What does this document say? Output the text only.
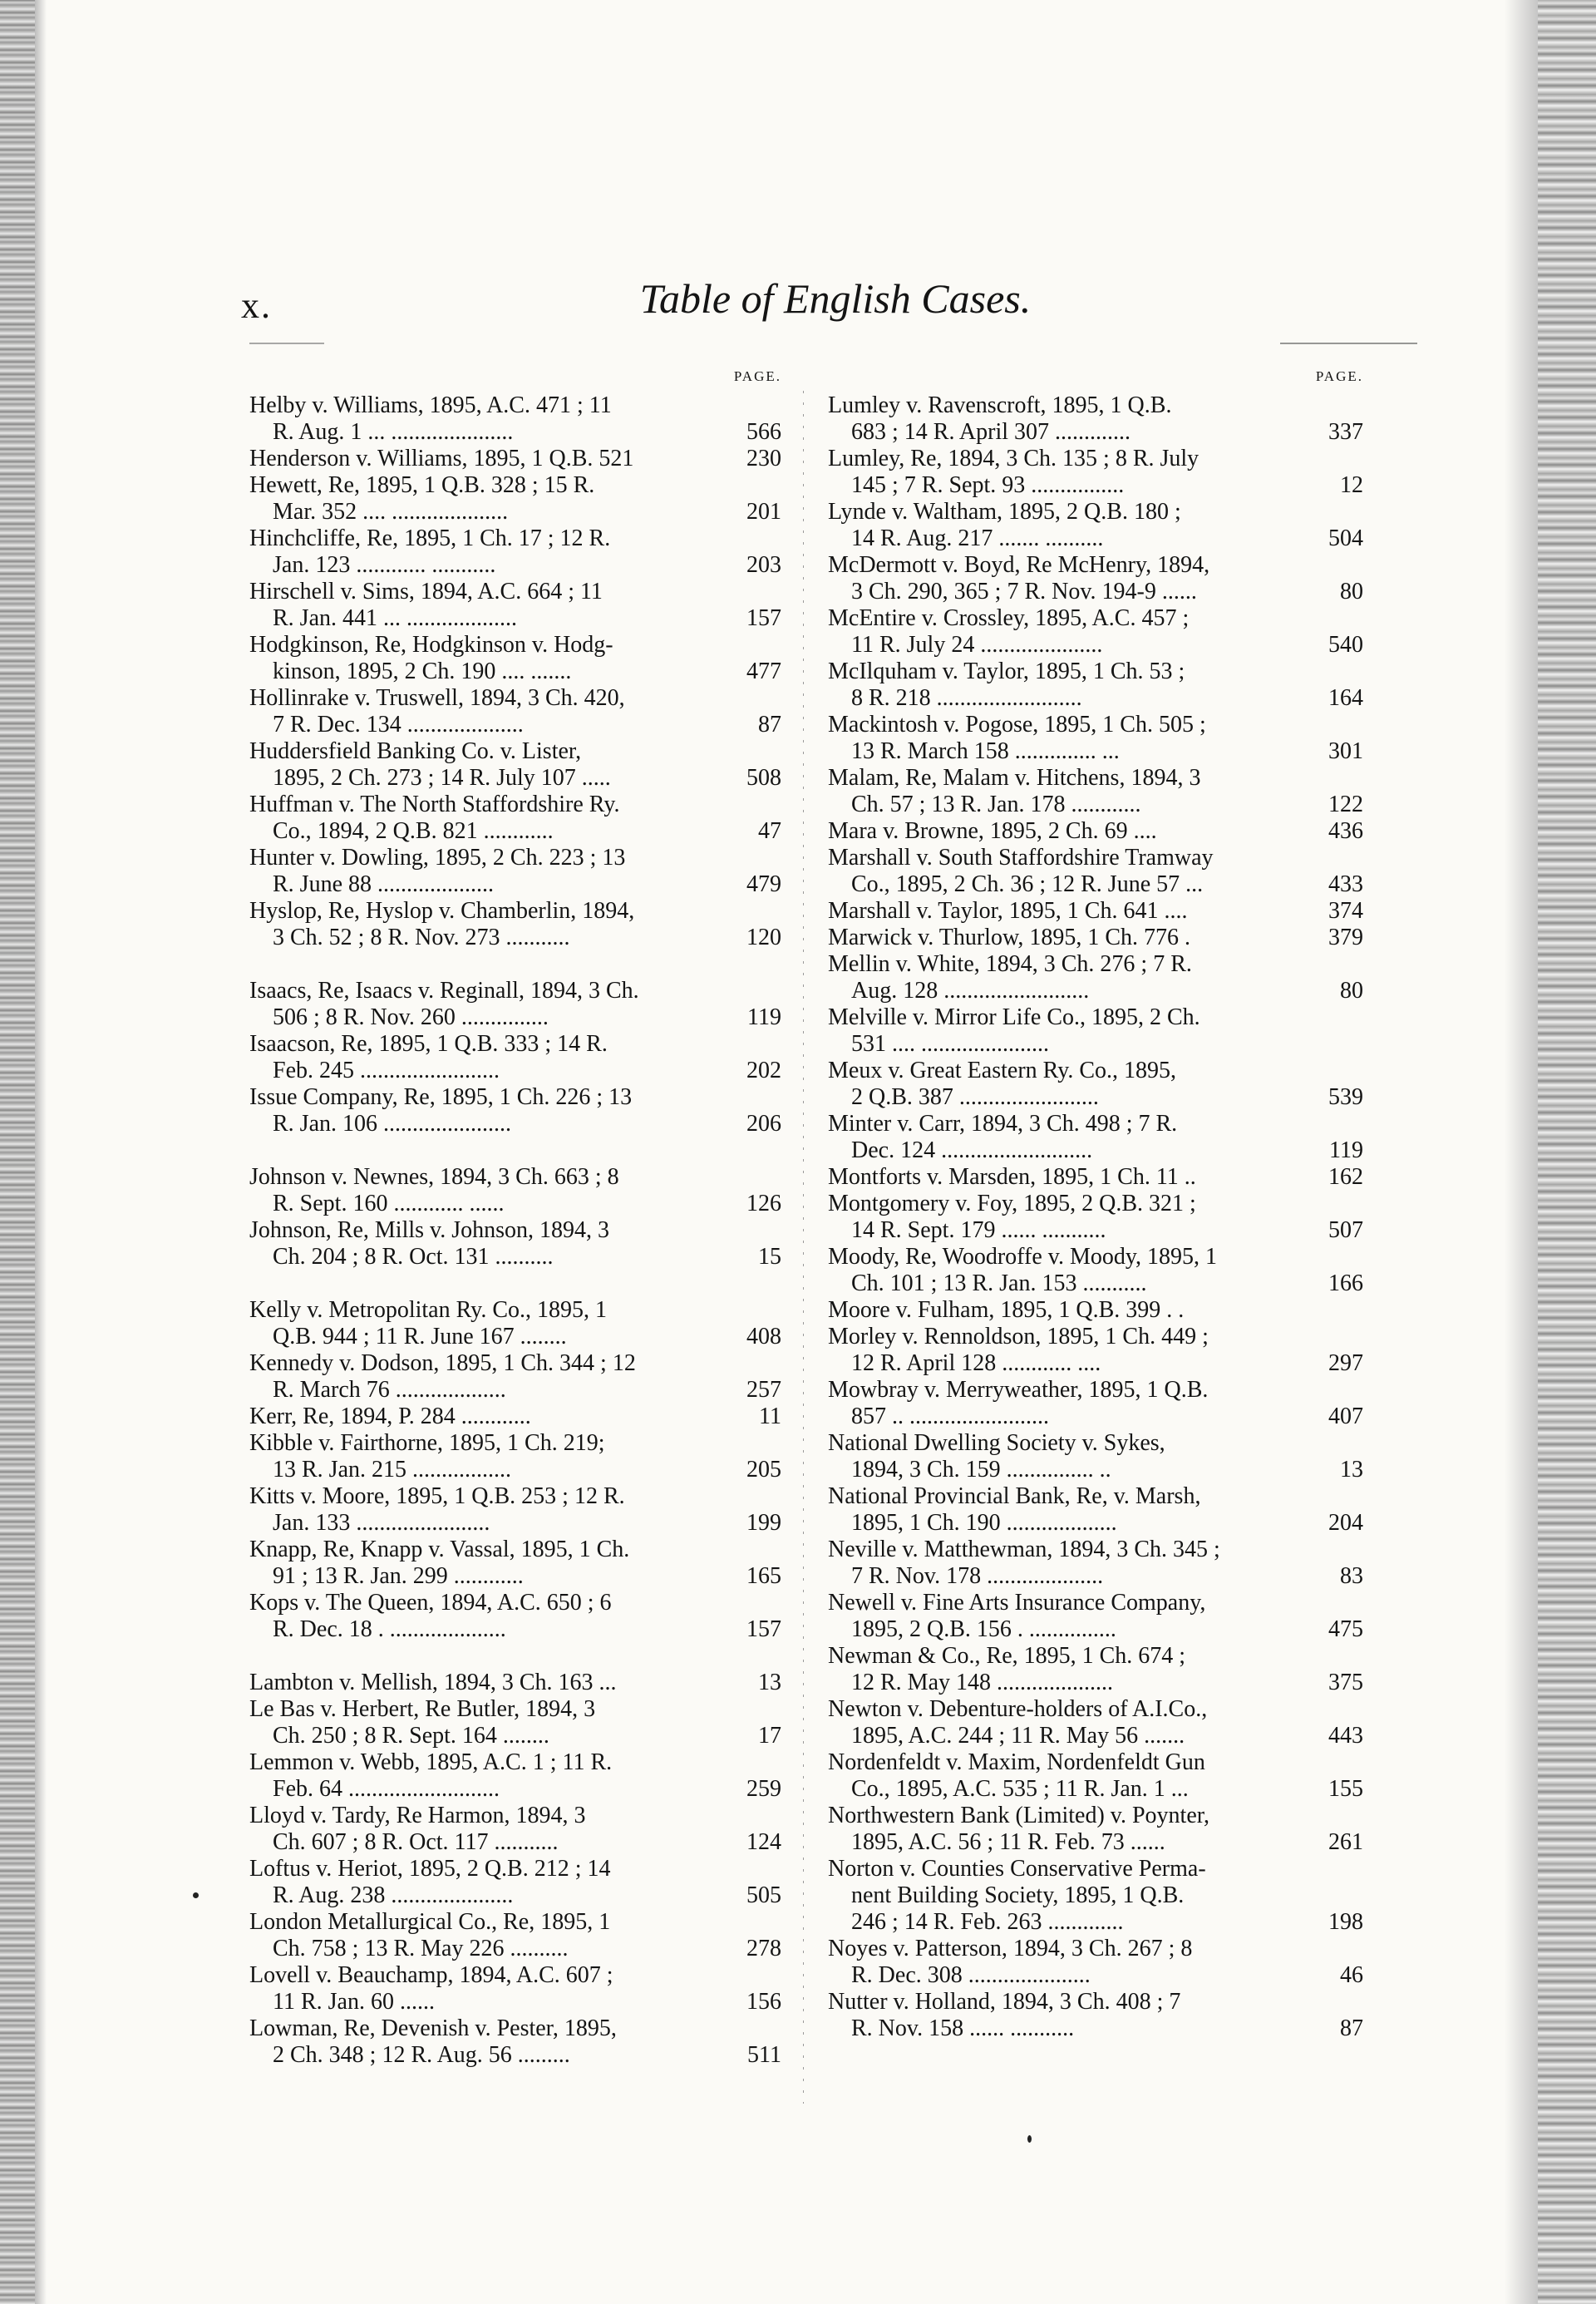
x.	Table of English Cases.
PAGE.
Helby v. Williams, 1895, A.C. 471 ; 11
R. Aug. 1 ... .....................	566
Henderson v. Williams, 1895, 1 Q.B. 521	230
Hewett, Re, 1895, 1 Q.B. 328 ; 15 R.
Mar. 352 .... ....................	201
Hinchcliffe, Re, 1895, 1 Ch. 17 ; 12 R.
Jan. 123 ............ ...........	203
Hirschell v. Sims, 1894, A.C. 664 ; 11
R. Jan. 441 ... ...................	157
Hodgkinson, Re, Hodgkinson v. Hodg-
kinson, 1895, 2 Ch. 190 .... .......	477
Hollinrake v. Truswell, 1894, 3 Ch. 420,
7 R. Dec. 134 ....................	87
Huddersfield Banking Co. v. Lister,
1895, 2 Ch. 273 ; 14 R. July 107 .....	508
Huffman v. The North Staffordshire Ry.
Co., 1894, 2 Q.B. 821 ............	47
Hunter v. Dowling, 1895, 2 Ch. 223 ; 13
R. June 88 ....................	479
Hyslop, Re, Hyslop v. Chamberlin, 1894,
3 Ch. 52 ; 8 R. Nov. 273 ...........	120
Isaacs, Re, Isaacs v. Reginall, 1894, 3 Ch.
506 ; 8 R. Nov. 260 ...............	119
Isaacson, Re, 1895, 1 Q.B. 333 ; 14 R.
Feb. 245 ........................	202
Issue Company, Re, 1895, 1 Ch. 226 ; 13
R. Jan. 106 ......................	206
Johnson v. Newnes, 1894, 3 Ch. 663 ; 8
R. Sept. 160 ............ ......	126
Johnson, Re, Mills v. Johnson, 1894, 3
Ch. 204 ; 8 R. Oct. 131 ..........	15
Kelly v. Metropolitan Ry. Co., 1895, 1
Q.B. 944 ; 11 R. June 167 ........	408
Kennedy v. Dodson, 1895, 1 Ch. 344 ; 12
R. March 76 ...................	257
Kerr, Re, 1894, P. 284 ............	11
Kibble v. Fairthorne, 1895, 1 Ch. 219;
13 R. Jan. 215 .................	205
Kitts v. Moore, 1895, 1 Q.B. 253 ; 12 R.
Jan. 133 .......................	199
Knapp, Re, Knapp v. Vassal, 1895, 1 Ch.
91 ; 13 R. Jan. 299 ............	165
Kops v. The Queen, 1894, A.C. 650 ; 6
R. Dec. 18 . ....................	157
Lambton v. Mellish, 1894, 3 Ch. 163 ...	13
Le Bas v. Herbert, Re Butler, 1894, 3
Ch. 250 ; 8 R. Sept. 164 ........	17
Lemmon v. Webb, 1895, A.C. 1 ; 11 R.
Feb. 64 ..........................	259
Lloyd v. Tardy, Re Harmon, 1894, 3
Ch. 607 ; 8 R. Oct. 117 ...........	124
Loftus v. Heriot, 1895, 2 Q.B. 212 ; 14
R. Aug. 238 .....................	505
London Metallurgical Co., Re, 1895, 1
Ch. 758 ; 13 R. May 226 ..........	278
Lovell v. Beauchamp, 1894, A.C. 607 ;
11 R. Jan. 60 ......	156
Lowman, Re, Devenish v. Pester, 1895,
2 Ch. 348 ; 12 R. Aug. 56 .........	511
PAGE.
Lumley v. Ravenscroft, 1895, 1 Q.B.
683 ; 14 R. April 307 .............	337
Lumley, Re, 1894, 3 Ch. 135 ; 8 R. July
145 ; 7 R. Sept. 93 ................	12
Lynde v. Waltham, 1895, 2 Q.B. 180 ;
14 R. Aug. 217 ....... ..........	504
McDermott v. Boyd, Re McHenry, 1894,
3 Ch. 290, 365 ; 7 R. Nov. 194-9 ......	80
McEntire v. Crossley, 1895, A.C. 457 ;
11 R. July 24 .....................	540
McIlquham v. Taylor, 1895, 1 Ch. 53 ;
8 R. 218 .........................	164
Mackintosh v. Pogose, 1895, 1 Ch. 505 ;
13 R. March 158 .............. ...	301
Malam, Re, Malam v. Hitchens, 1894, 3
Ch. 57 ; 13 R. Jan. 178 ............	122
Mara v. Browne, 1895, 2 Ch. 69 ....	436
Marshall v. South Staffordshire Tramway
Co., 1895, 2 Ch. 36 ; 12 R. June 57 ...	433
Marshall v. Taylor, 1895, 1 Ch. 641 ....	374
Marwick v. Thurlow, 1895, 1 Ch. 776 .	379
Mellin v. White, 1894, 3 Ch. 276 ; 7 R.
Aug. 128 .........................	80
Melville v. Mirror Life Co., 1895, 2 Ch.
531 .... ......................
Meux v. Great Eastern Ry. Co., 1895,
2 Q.B. 387 ........................	539
Minter v. Carr, 1894, 3 Ch. 498 ; 7 R.
Dec. 124 ..........................	119
Montforts v. Marsden, 1895, 1 Ch. 11 ..	162
Montgomery v. Foy, 1895, 2 Q.B. 321 ;
14 R. Sept. 179 ...... ...........	507
Moody, Re, Woodroffe v. Moody, 1895, 1
Ch. 101 ; 13 R. Jan. 153 ...........	166
Moore v. Fulham, 1895, 1 Q.B. 399 . .
Morley v. Rennoldson, 1895, 1 Ch. 449 ;
12 R. April 128 ............ ....	297
Mowbray v. Merryweather, 1895, 1 Q.B.
857 .. ........................	407
National Dwelling Society v. Sykes,
1894, 3 Ch. 159 ............... ..	13
National Provincial Bank, Re, v. Marsh,
1895, 1 Ch. 190 ...................	204
Neville v. Matthewman, 1894, 3 Ch. 345 ;
7 R. Nov. 178 ....................	83
Newell v. Fine Arts Insurance Company,
1895, 2 Q.B. 156 . ...............	475
Newman & Co., Re, 1895, 1 Ch. 674 ;
12 R. May 148 ....................	375
Newton v. Debenture-holders of A.I.Co.,
1895, A.C. 244 ; 11 R. May 56 .......	443
Nordenfeldt v. Maxim, Nordenfeldt Gun
Co., 1895, A.C. 535 ; 11 R. Jan. 1 ...	155
Northwestern Bank (Limited) v. Poynter,
1895, A.C. 56 ; 11 R. Feb. 73 ......	261
Norton v. Counties Conservative Perma-
nent Building Society, 1895, 1 Q.B.
246 ; 14 R. Feb. 263 .............	198
Noyes v. Patterson, 1894, 3 Ch. 267 ; 8
R. Dec. 308 .....................	46
Nutter v. Holland, 1894, 3 Ch. 408 ; 7
R. Nov. 158 ...... ...........	87
